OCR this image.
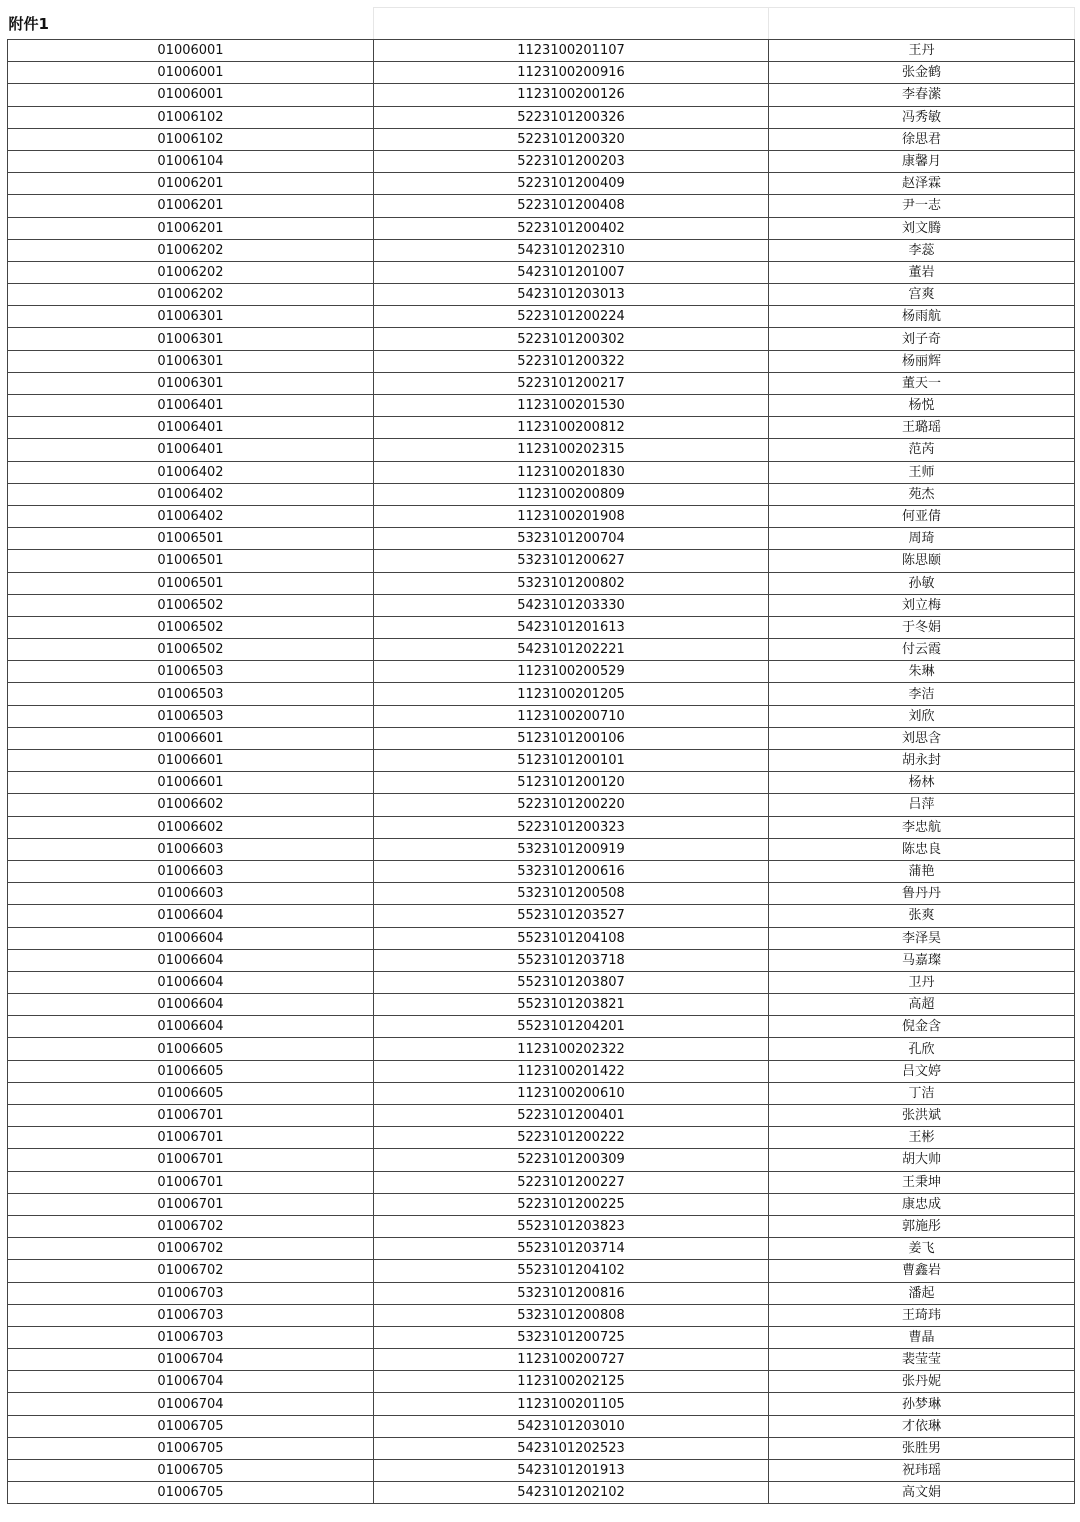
附件1		
01006001	1123100201107	王丹
01006001	1123100200916	张金鹤
01006001	1123100200126	李春潆
01006102	5223101200326	冯秀敏
01006102	5223101200320	徐思君
01006104	5223101200203	康馨月
01006201	5223101200409	赵泽霖
01006201	5223101200408	尹一志
01006201	5223101200402	刘文腾
01006202	5423101202310	李蕊
01006202	5423101201007	董岩
01006202	5423101203013	宫爽
01006301	5223101200224	杨雨航
01006301	5223101200302	刘子奇
01006301	5223101200322	杨丽辉
01006301	5223101200217	董天一
01006401	1123100201530	杨悦
01006401	1123100200812	王璐瑶
01006401	1123100202315	范芮
01006402	1123100201830	王师
01006402	1123100200809	苑杰
01006402	1123100201908	何亚倩
01006501	5323101200704	周琦
01006501	5323101200627	陈思颐
01006501	5323101200802	孙敏
01006502	5423101203330	刘立梅
01006502	5423101201613	于冬娟
01006502	5423101202221	付云霞
01006503	1123100200529	朱琳
01006503	1123100201205	李洁
01006503	1123100200710	刘欣
01006601	5123101200106	刘思含
01006601	5123101200101	胡永封
01006601	5123101200120	杨林
01006602	5223101200220	吕萍
01006602	5223101200323	李忠航
01006603	5323101200919	陈忠良
01006603	5323101200616	蒲艳
01006603	5323101200508	鲁丹丹
01006604	5523101203527	张爽
01006604	5523101204108	李泽昊
01006604	5523101203718	马嘉璨
01006604	5523101203807	卫丹
01006604	5523101203821	高超
01006604	5523101204201	倪金含
01006605	1123100202322	孔欣
01006605	1123100201422	吕文婷
01006605	1123100200610	丁洁
01006701	5223101200401	张洪斌
01006701	5223101200222	王彬
01006701	5223101200309	胡大帅
01006701	5223101200227	王秉坤
01006701	5223101200225	康忠成
01006702	5523101203823	郭施彤
01006702	5523101203714	姜飞
01006702	5523101204102	曹鑫岩
01006703	5323101200816	潘起
01006703	5323101200808	王琦玮
01006703	5323101200725	曹晶
01006704	1123100200727	裴莹莹
01006704	1123100202125	张丹妮
01006704	1123100201105	孙梦琳
01006705	5423101203010	才依琳
01006705	5423101202523	张胜男
01006705	5423101201913	祝玮瑶
01006705	5423101202102	高文娟
